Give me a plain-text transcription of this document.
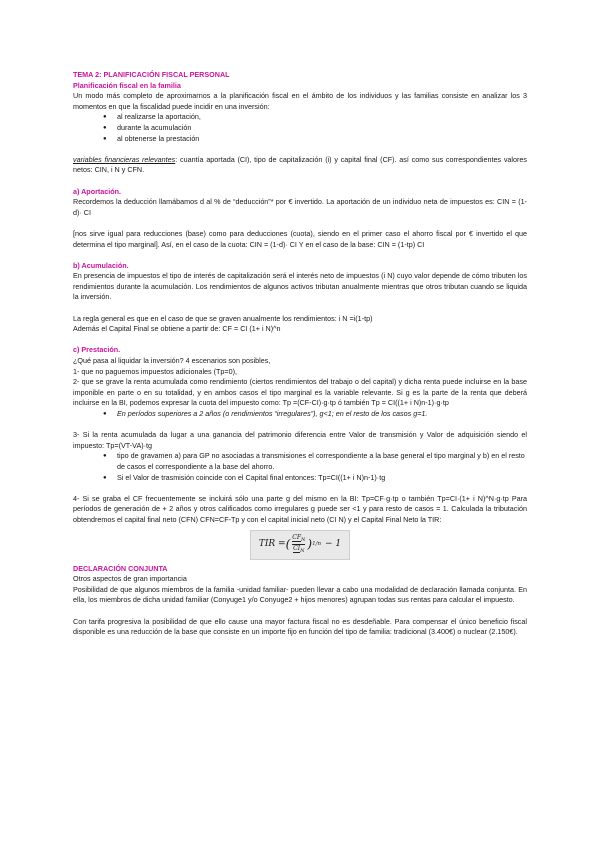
TEMA 2: PLANIFICACIÓN FISCAL PERSONAL

Planificación fiscal en la familia

Un modo más completo de aproximarnos a la planificación fiscal en el ámbito de los individuos y las familias consiste en analizar los 3 momentos en que la fiscalidad puede incidir en una inversión:

● al realizarse la aportación,
● durante la acumulación
● al obtenerse la prestación

variables financieras relevantes: cuantía aportada (CI), tipo de capitalización (i) y capital final (CF). así como sus correspondientes valores netos: CIN, i N y CFN.

a) Aportación.

Recordemos la deducción llamábamos d al % de “deducción”* por € invertido. La aportación de un individuo neta de impuestos es: CIN = (1-d)· CI

[nos sirve igual para reducciones (base) como para deducciones (cuota), siendo en el primer caso el ahorro fiscal por € invertido el que determina el tipo marginal]. Así, en el caso de la cuota: CIN = (1-d)· CI Y en el caso de la base: CIN = (1-tp) CI

b) Acumulación.

En presencia de impuestos el tipo de interés de capitalización será el interés neto de impuestos (i N) cuyo valor depende de cómo tributen los rendimientos durante la acumulación. Los rendimientos de algunos activos tributan anualmente mientras que otros tributan cuando se liquida la inversión.

La regla general es que en el caso de que se graven anualmente los rendimientos: i N =i(1-tp)

Además el Capital Final se obtiene a partir de: CF = CI (1+ i N)^n

c) Prestación.

¿Qué pasa al liquidar la inversión? 4 escenarios son posibles,

1- que no paguemos impuestos adicionales (Tp=0),

2- que se grave la renta acumulada como rendimiento (ciertos rendimientos del trabajo o del capital) y dicha renta puede incluirse en la base imponible en parte o en su totalidad, y en ambos casos el tipo marginal es la variable relevante. Si g es la parte de la renta que deberá incluirse en la BI, podemos expresar la cuota del impuesto como: Tp =(CF-CI)·g·tp ó también Tp = CI((1+ i N)n-1)·g·tp

● En períodos superiores a 2 años (o rendimientos “irregulares”), g<1; en el resto de los casos g=1.

3- Si la renta acumulada da lugar a una ganancia del patrimonio diferencia entre Valor de transmisión y Valor de adquisición siendo el impuesto: Tp=(VT-VA)·tg

● tipo de gravamen a) para GP no asociadas a transmisiones el correspondiente a la base general el tipo marginal y b) en el resto de casos el correspondiente a la base del ahorro.
● Si el Valor de trasmisión coincide con el Capital final entonces: Tp=CI((1+ i N)n-1)·tg

4- Si se graba el CF frecuentemente se incluirá sólo una parte g del mismo en la BI: Tp=CF·g·tp o también Tp=CI·(1+ i N)^N·g·tp Para períodos de generación de + 2 años y otros calificados como irregulares g puede ser <1 y para resto de casos = 1. Calculada la tributación obtendremos el capital final neto (CFN) CFN=CF-Tp y con el capital inicial neto (CI N) y el Capital Final Neto la TIR:

TIR = ( $\frac{CF_N}{CI_N}$ ) 1/n − 1

DECLARACIÓN CONJUNTA

Otros aspectos de gran importancia

Posibilidad de que algunos miembros de la familia -unidad familiar- pueden llevar a cabo una modalidad de declaración llamada conjunta. En ella, los miembros de dicha unidad familiar (Conyuge1 y/o Conyuge2 + hijos menores) agrupan todas sus rentas para calcular el impuesto.

Con tarifa progresiva la posibilidad de que ello cause una mayor factura fiscal no es desdeñable. Para compensar el único beneficio fiscal disponible es una reducción de la base que consiste en un importe fijo en función del tipo de familia: tradicional (3.400€) o nuclear (2.150€).
